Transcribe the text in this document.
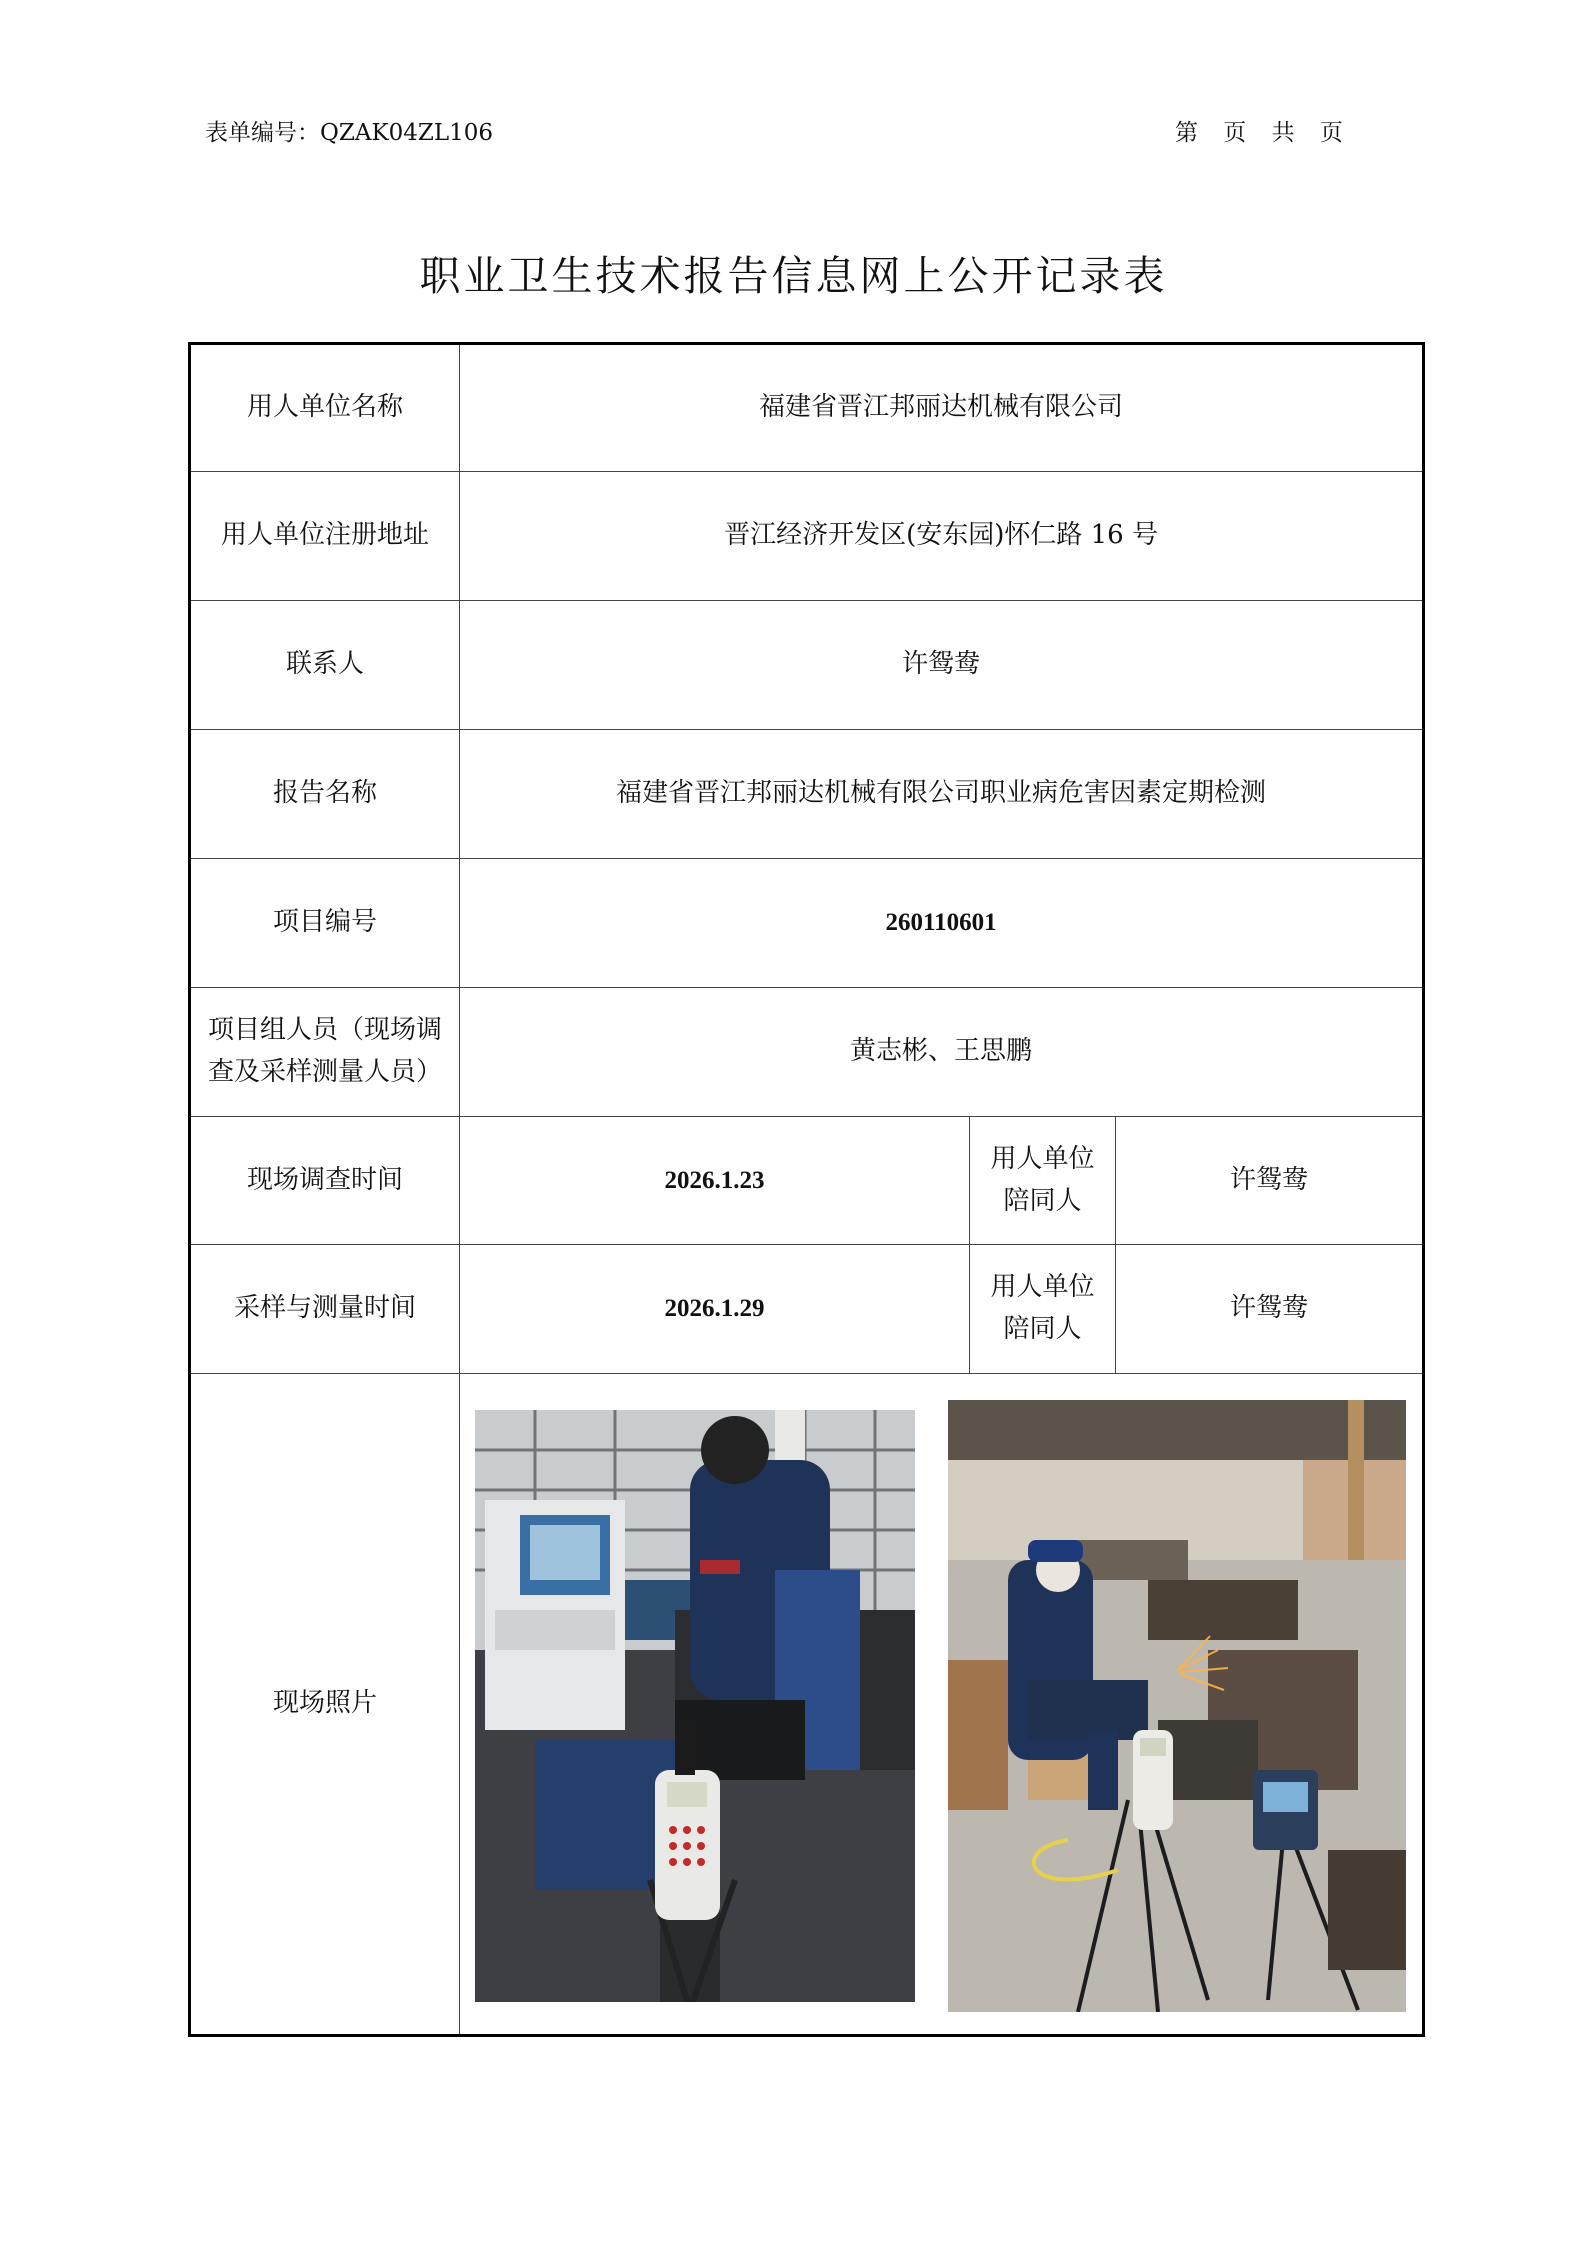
表单编号：QZAK04ZL106	第 页 共 页
职业卫生技术报告信息网上公开记录表
用人单位名称	福建省晋江邦丽达机械有限公司		
用人单位注册地址	晋江经济开发区(安东园)怀仁路 16 号		
联系人	许鸳鸯		
报告名称	福建省晋江邦丽达机械有限公司职业病危害因素定期检测		
项目编号	260110601		
项目组人员（现场调查及采样测量人员）	黄志彬、王思鹏		
现场调查时间	2026.1.23	用人单位陪同人	许鸳鸯
采样与测量时间	2026.1.29	用人单位陪同人	许鸳鸯
现场照片	
